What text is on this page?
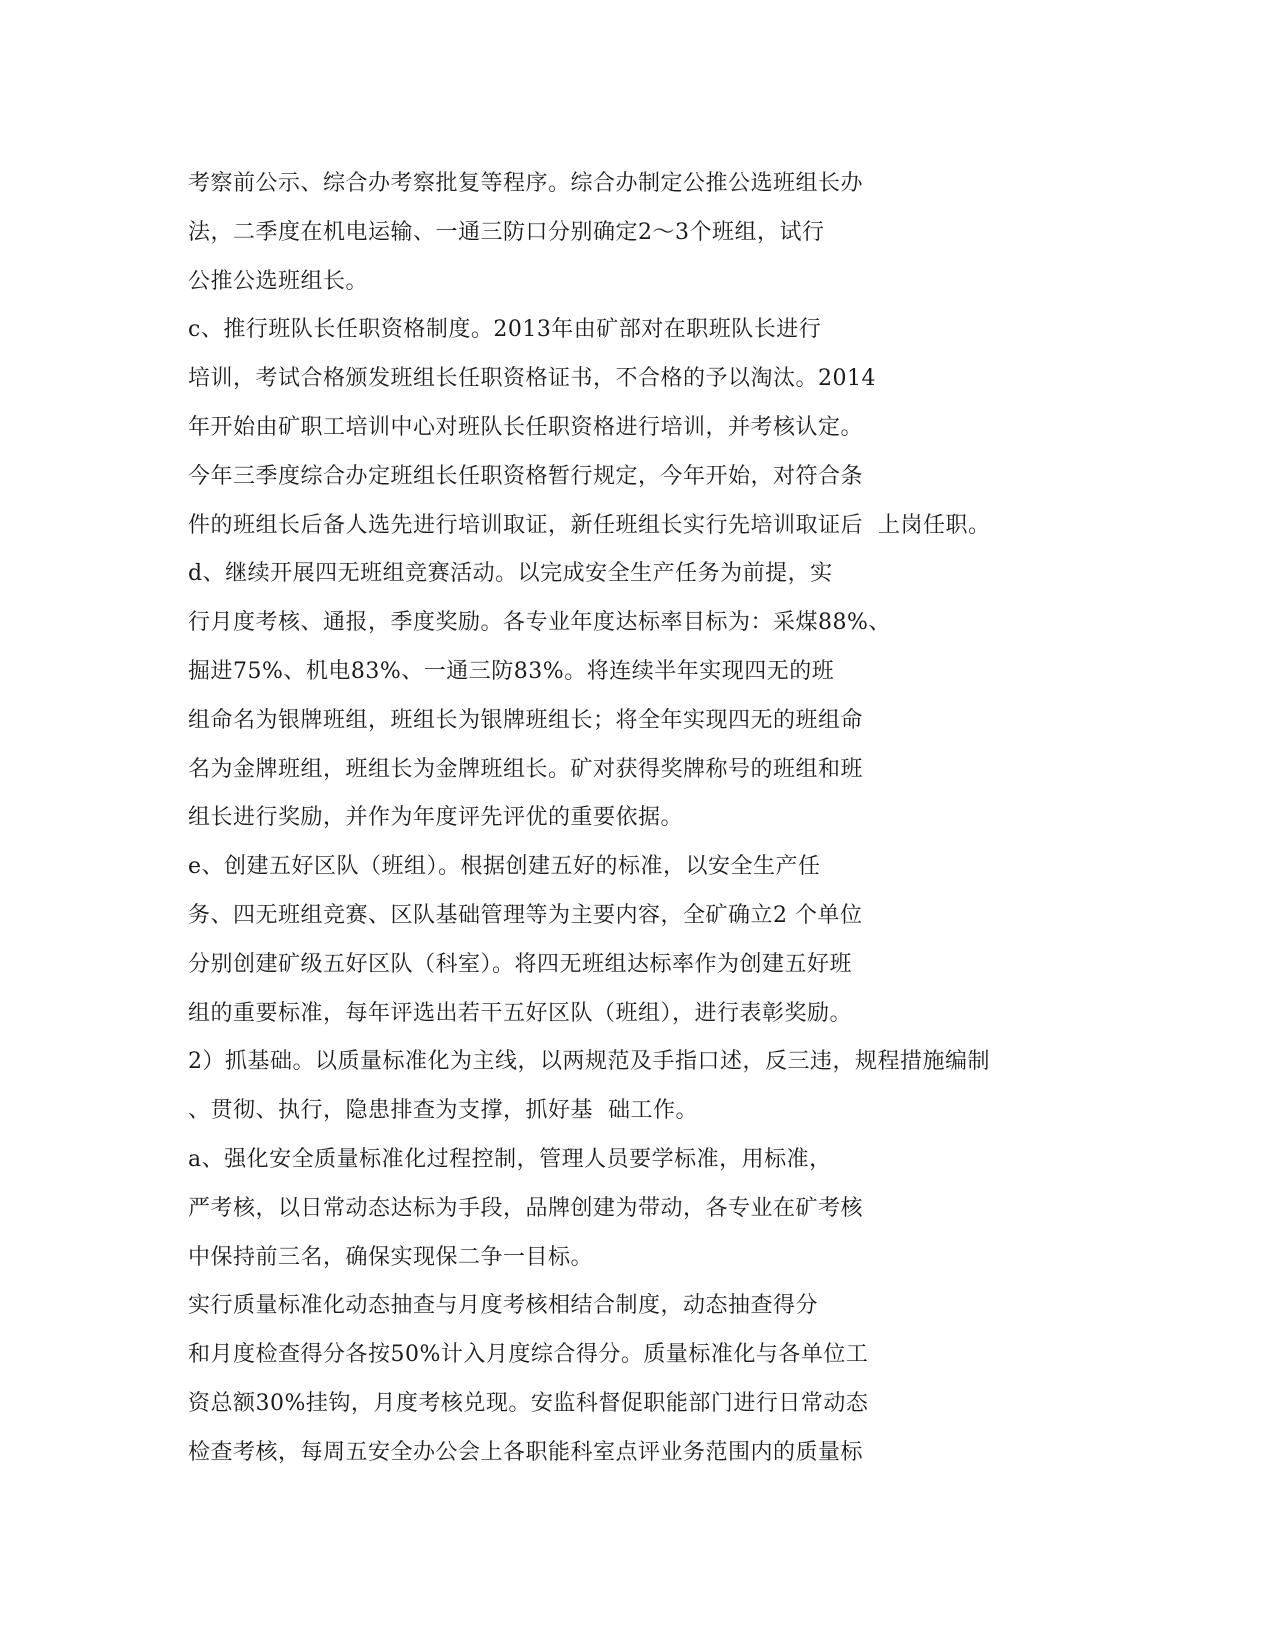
考察前公示、综合办考察批复等程序。综合办制定公推公选班组长办
法，二季度在机电运输、一通三防口分别确定2～3个班组，试行
公推公选班组长。
c、推行班队长任职资格制度。2013年由矿部对在职班队长进行
培训，考试合格颁发班组长任职资格证书，不合格的予以淘汰。2014
年开始由矿职工培训中心对班队长任职资格进行培训，并考核认定。
今年三季度综合办定班组长任职资格暂行规定，今年开始，对符合条
件的班组长后备人选先进行培训取证，新任班组长实行先培训取证后  上岗任职。
d、继续开展四无班组竞赛活动。以完成安全生产任务为前提，实
行月度考核、通报，季度奖励。各专业年度达标率目标为：采煤88%、
掘进75%、机电83%、一通三防83%。将连续半年实现四无的班
组命名为银牌班组，班组长为银牌班组长；将全年实现四无的班组命
名为金牌班组，班组长为金牌班组长。矿对获得奖牌称号的班组和班
组长进行奖励，并作为年度评先评优的重要依据。
e、创建五好区队（班组）。根据创建五好的标准，以安全生产任
务、四无班组竞赛、区队基础管理等为主要内容，全矿确立2 个单位
分别创建矿级五好区队（科室）。将四无班组达标率作为创建五好班
组的重要标准，每年评选出若干五好区队（班组），进行表彰奖励。
2）抓基础。以质量标准化为主线，以两规范及手指口述，反三违，规程措施编制
、贯彻、执行，隐患排查为支撑，抓好基  础工作。
a、强化安全质量标准化过程控制，管理人员要学标准，用标准，
严考核，以日常动态达标为手段，品牌创建为带动，各专业在矿考核
中保持前三名，确保实现保二争一目标。
实行质量标准化动态抽查与月度考核相结合制度，动态抽查得分
和月度检查得分各按50%计入月度综合得分。质量标准化与各单位工
资总额30%挂钩，月度考核兑现。安监科督促职能部门进行日常动态
检查考核，每周五安全办公会上各职能科室点评业务范围内的质量标
